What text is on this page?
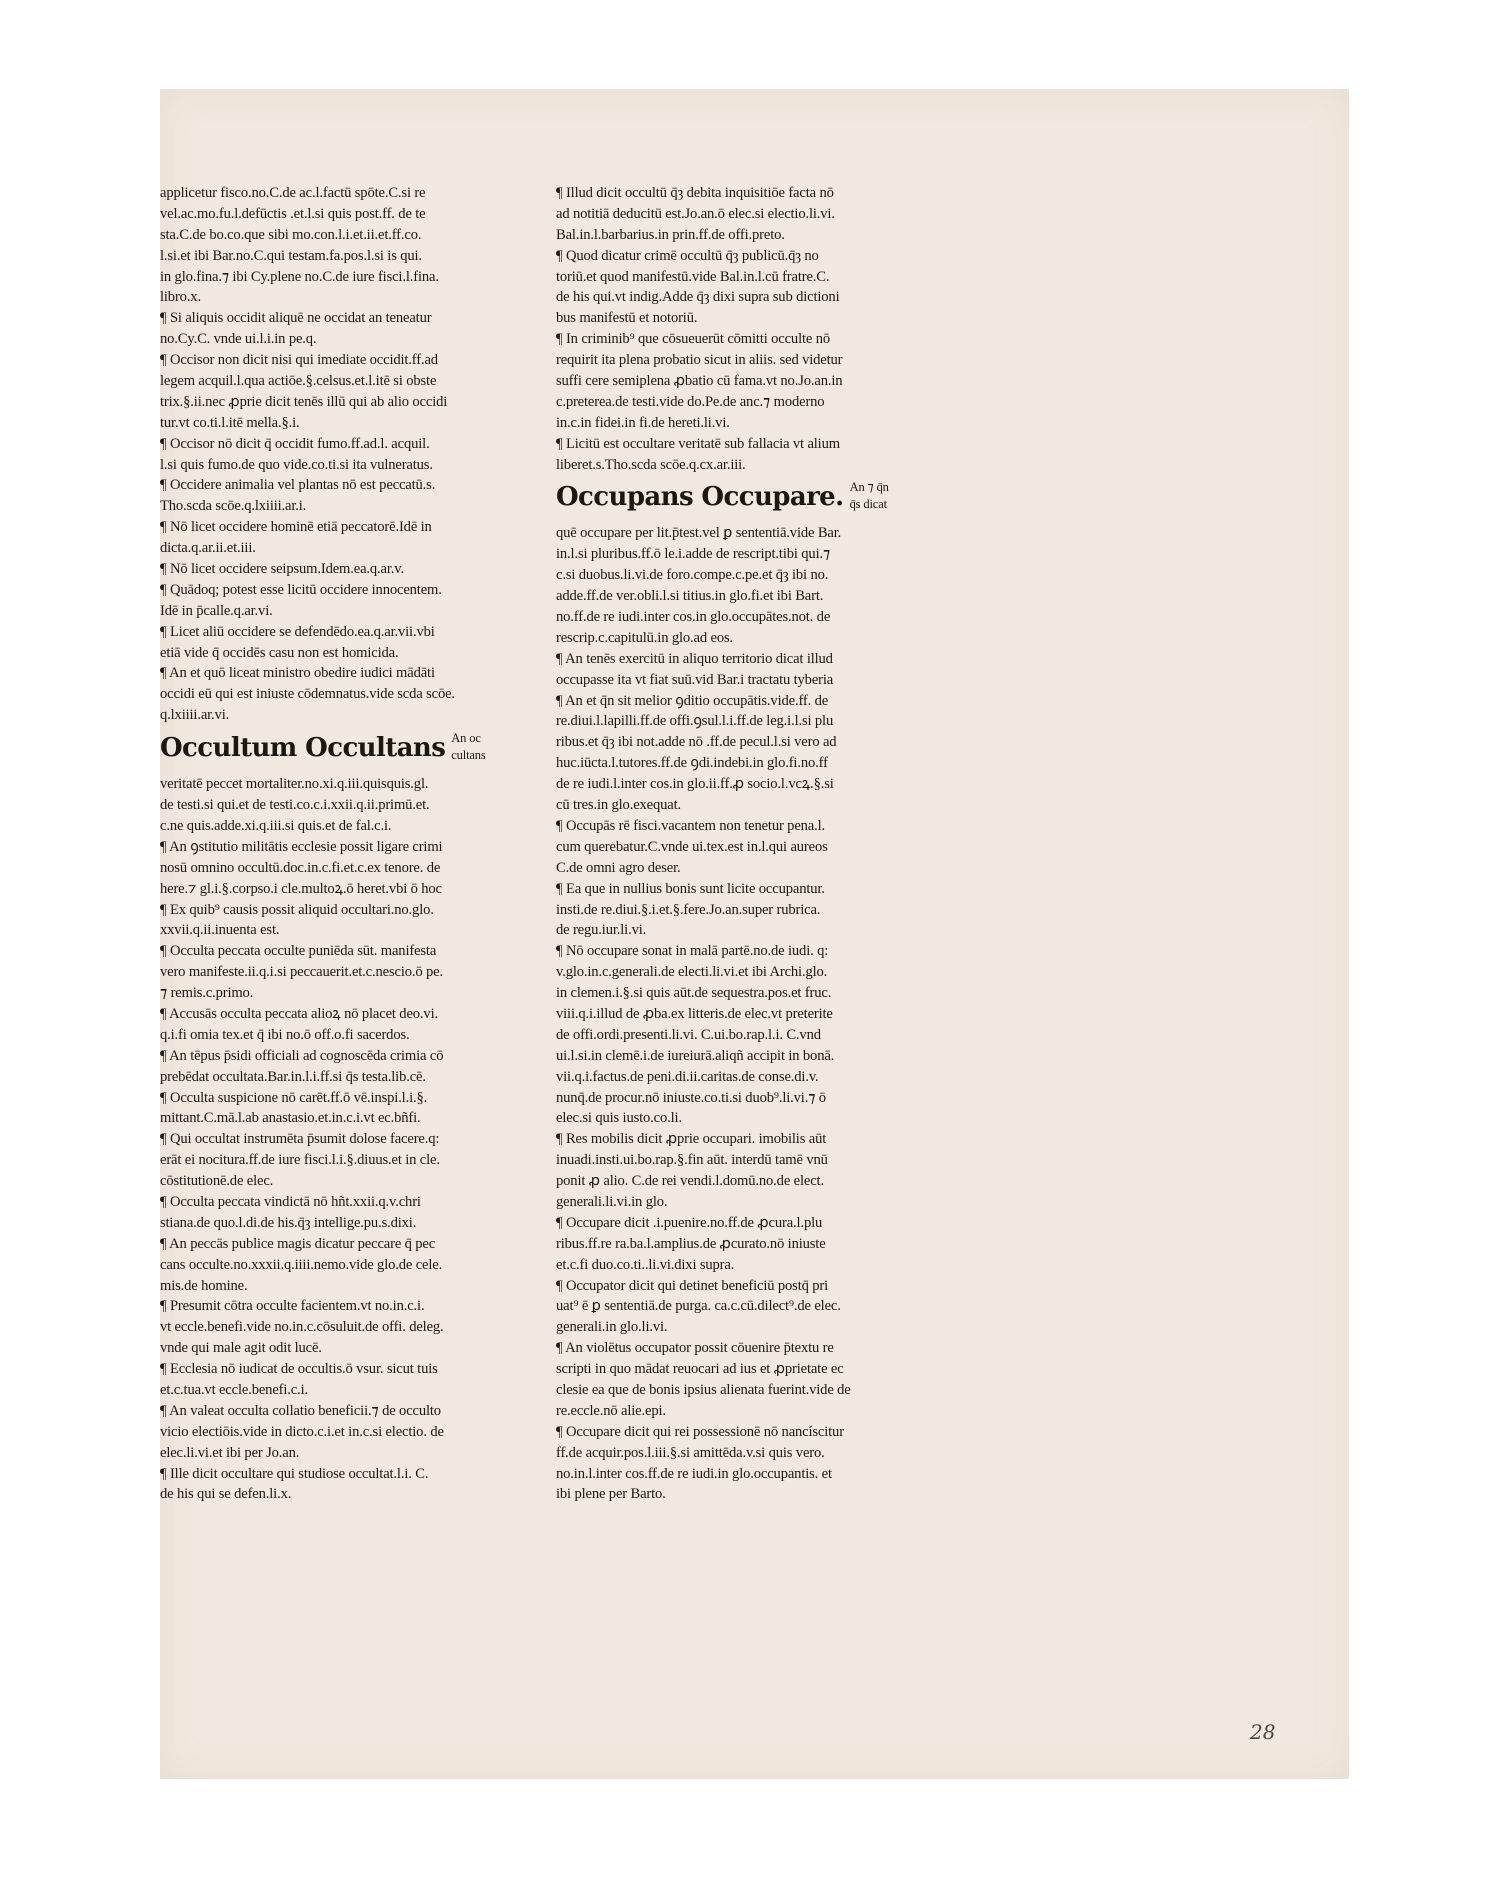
applicetur fisco.no.C.de ac.l.factū spōte.C.si re
vel.ac.mo.fu.l.defūctis .et.l.si quis post.ff. de te
sta.C.de bo.co.que sibi mo.con.l.i.et.ii.et.ff.co.
l.si.et ibi Bar.no.C.qui testam.fa.pos.l.si is qui.
in glo.fina.⁊ ibi Cy.plene no.C.de iure fisci.l.fina.
libro.x.
¶ Si aliquis occidit aliquē ne occidat an teneatur
no.Cy.C. vnde ui.l.i.in pe.q.
¶ Occisor non dicit nisi qui imediate occidit.ff.ad
legem acquil.l.qua actiōe.§.celsus.et.l.itē si obste
trix.§.ii.nec ꝓprie dicit tenēs illū qui ab alio occidi
tur.vt co.ti.l.itē mella.§.i.
¶ Occisor nō dicit q̄ occidit fumo.ff.ad.l. acquil.
l.si quis fumo.de quo vide.co.ti.si ita vulneratus.
¶ Occidere animalia vel plantas nō est peccatū.s.
Tho.scda scōe.q.lxiiii.ar.i.
¶ Nō licet occidere hominē etiā peccatorē.Idē in
dicta.q.ar.ii.et.iii.
¶ Nō licet occidere seipsum.Idem.ea.q.ar.v.
¶ Quādoq; potest esse licitū occidere innocentem.
Idē in p̄calle.q.ar.vi.
¶ Licet aliū occidere se defendēdo.ea.q.ar.vii.vbi
etiā vide q̄ occidēs casu non est homicida.
¶ An et quō liceat ministro obedire iudici mādāti
occidi eū qui est iniuste cōdemnatus.vide scda scōe.
q.lxiiii.ar.vi.
Occultum Occultans An oc
cultans
veritatē peccet mortaliter.no.xi.q.iii.quisquis.gl.
de testi.si qui.et de testi.co.c.i.xxii.q.ii.primū.et.
c.ne quis.adde.xi.q.iii.si quis.et de fal.c.i.
¶ An ꝯstitutio militātis ecclesie possit ligare crimi
nosū omnino occultū.doc.in.c.fi.et.c.ex tenore. de
here.⁊ gl.i.§.corpso.i cle.multoꝝ.ō heret.vbi ō hoc
¶ Ex quib⁹ causis possit aliquid occultari.no.glo.
xxvii.q.ii.inuenta est.
¶ Occulta peccata occulte puniēda sūt. manifesta
vero manifeste.ii.q.i.si peccauerit.et.c.nescio.ō pe.
⁊ remis.c.primo.
¶ Accusās occulta peccata alioꝝ nō placet deo.vi.
q.i.fi omia tex.et q̄ ibi no.ō off.o.fi sacerdos.
¶ An tēpus p̄sidi officiali ad cognoscēda crimia cō
prebēdat occultata.Bar.in.l.i.ff.si q̄s testa.lib.cē.
¶ Occulta suspicione nō carēt.ff.ō vē.inspi.l.i.§.
mittant.C.mā.l.ab anastasio.et.in.c.i.vt ec.bñfi.
¶ Qui occultat instrumēta p̄sumit dolose facere.q:
erāt ei nocitura.ff.de iure fisci.l.i.§.diuus.et in cle.
cōstitutionē.de elec.
¶ Occulta peccata vindictā nō hñt.xxii.q.v.chri
stiana.de quo.l.di.de his.q̄ȝ intellige.pu.s.dixi.
¶ An peccās publice magis dicatur peccare q̄ pec
cans occulte.no.xxxii.q.iiii.nemo.vide glo.de cele.
mis.de homine.
¶ Presumit cōtra occulte facientem.vt no.in.c.i.
vt eccle.benefi.vide no.in.c.cōsuluit.de offi. deleg.
vnde qui male agit odit lucē.
¶ Ecclesia nō iudicat de occultis.ō vsur. sicut tuis
et.c.tua.vt eccle.benefi.c.i.
¶ An valeat occulta collatio beneficii.⁊ de occulto
vicio electiōis.vide in dicto.c.i.et in.c.si electio. de
elec.li.vi.et ibi per Jo.an.
¶ Ille dicit occultare qui studiose occultat.l.i. C.
de his qui se defen.li.x.
¶ Illud dicit occultū q̄ȝ debita inquisitiōe facta nō
ad notitiā deducitū est.Jo.an.ō elec.si electio.li.vi.
Bal.in.l.barbarius.in prin.ff.de offi.preto.
¶ Quod dicatur crimē occultū q̄ȝ publicū.q̄ȝ no
toriū.et quod manifestū.vide Bal.in.l.cū fratre.C.
de his qui.vt indig.Adde q̄ȝ dixi supra sub dictioni
bus manifestū et notoriū.
¶ In criminib⁹ que cōsueuerūt cōmitti occulte nō
requirit ita plena probatio sicut in aliis. sed videtur
suffi cere semiplena ꝓbatio cū fama.vt no.Jo.an.in
c.preterea.de testi.vide do.Pe.de anc.⁊ moderno
in.c.in fidei.in fi.de hereti.li.vi.
¶ Licitū est occultare veritatē sub fallacia vt alium
liberet.s.Tho.scda scōe.q.cx.ar.iii.
Occupans Occupare. An ⁊ q̄n
q̄s dicat
quē occupare per lit.p̄test.vel ꝑ sententiā.vide Bar.
in.l.si pluribus.ff.ō le.i.adde de rescript.tibi qui.⁊
c.si duobus.li.vi.de foro.compe.c.pe.et q̄ȝ ibi no.
adde.ff.de ver.obli.l.si titius.in glo.fi.et ibi Bart.
no.ff.de re iudi.inter cos.in glo.occupātes.not. de
rescrip.c.capitulū.in glo.ad eos.
¶ An tenēs exercitū in aliquo territorio dicat illud
occupasse ita vt fiat suū.vid Bar.i tractatu tyberia
¶ An et q̄n sit melior ꝯditio occupātis.vide.ff. de
re.diui.l.lapilli.ff.de offi.ꝯsul.l.i.ff.de leg.i.l.si plu
ribus.et q̄ȝ ibi not.adde nō .ff.de pecul.l.si vero ad
huc.iūcta.l.tutores.ff.de ꝯdi.indebi.in glo.fi.no.ff
de re iudi.l.inter cos.in glo.ii.ff.ꝓ socio.l.vcꝝ.§.si
cū tres.in glo.exequat.
¶ Occupās rē fisci.vacantem non tenetur pena.l.
cum querebatur.C.vnde ui.tex.est in.l.qui aureos
C.de omni agro deser.
¶ Ea que in nullius bonis sunt licite occupantur.
insti.de re.diui.§.i.et.§.fere.Jo.an.super rubrica.
de regu.iur.li.vi.
¶ Nō occupare sonat in malā partē.no.de iudi. q:
v.glo.in.c.generali.de electi.li.vi.et ibi Archi.glo.
in clemen.i.§.si quis aūt.de sequestra.pos.et fruc.
viii.q.i.illud de ꝓba.ex litteris.de elec.vt preterite
de offi.ordi.presenti.li.vi. C.ui.bo.rap.l.i. C.vnd
ui.l.si.in clemē.i.de iureiurā.aliqñ accipit in bonā.
vii.q.i.factus.de peni.di.ii.caritas.de conse.di.v.
nunq̄.de procur.nō iniuste.co.ti.si duob⁹.li.vi.⁊ ō
elec.si quis iusto.co.li.
¶ Res mobilis dicit ꝓprie occupari. imobilis aūt
inuadi.insti.ui.bo.rap.§.fin aūt. interdū tamē vnū
ponit ꝓ alio. C.de rei vendi.l.domū.no.de elect.
generali.li.vi.in glo.
¶ Occupare dicit .i.puenire.no.ff.de ꝓcura.l.plu
ribus.ff.re ra.ba.l.amplius.de ꝓcurato.nō iniuste
et.c.fi duo.co.ti..li.vi.dixi supra.
¶ Occupator dicit qui detinet beneficiū postq̄ pri
uat⁹ ē ꝑ sententiā.de purga. ca.c.cū.dilect⁹.de elec.
generali.in glo.li.vi.
¶ An violētus occupator possit cōuenire p̄textu re
scripti in quo mādat reuocari ad ius et ꝓprietate ec
clesie ea que de bonis ipsius alienata fuerint.vide de
re.eccle.nō alie.epi.
¶ Occupare dicit qui rei possessionē nō nancíscitur
ff.de acquir.pos.l.iii.§.si amittēda.v.si quis vero.
no.in.l.inter cos.ff.de re iudi.in glo.occupantis. et
ibi plene per Barto.
28
